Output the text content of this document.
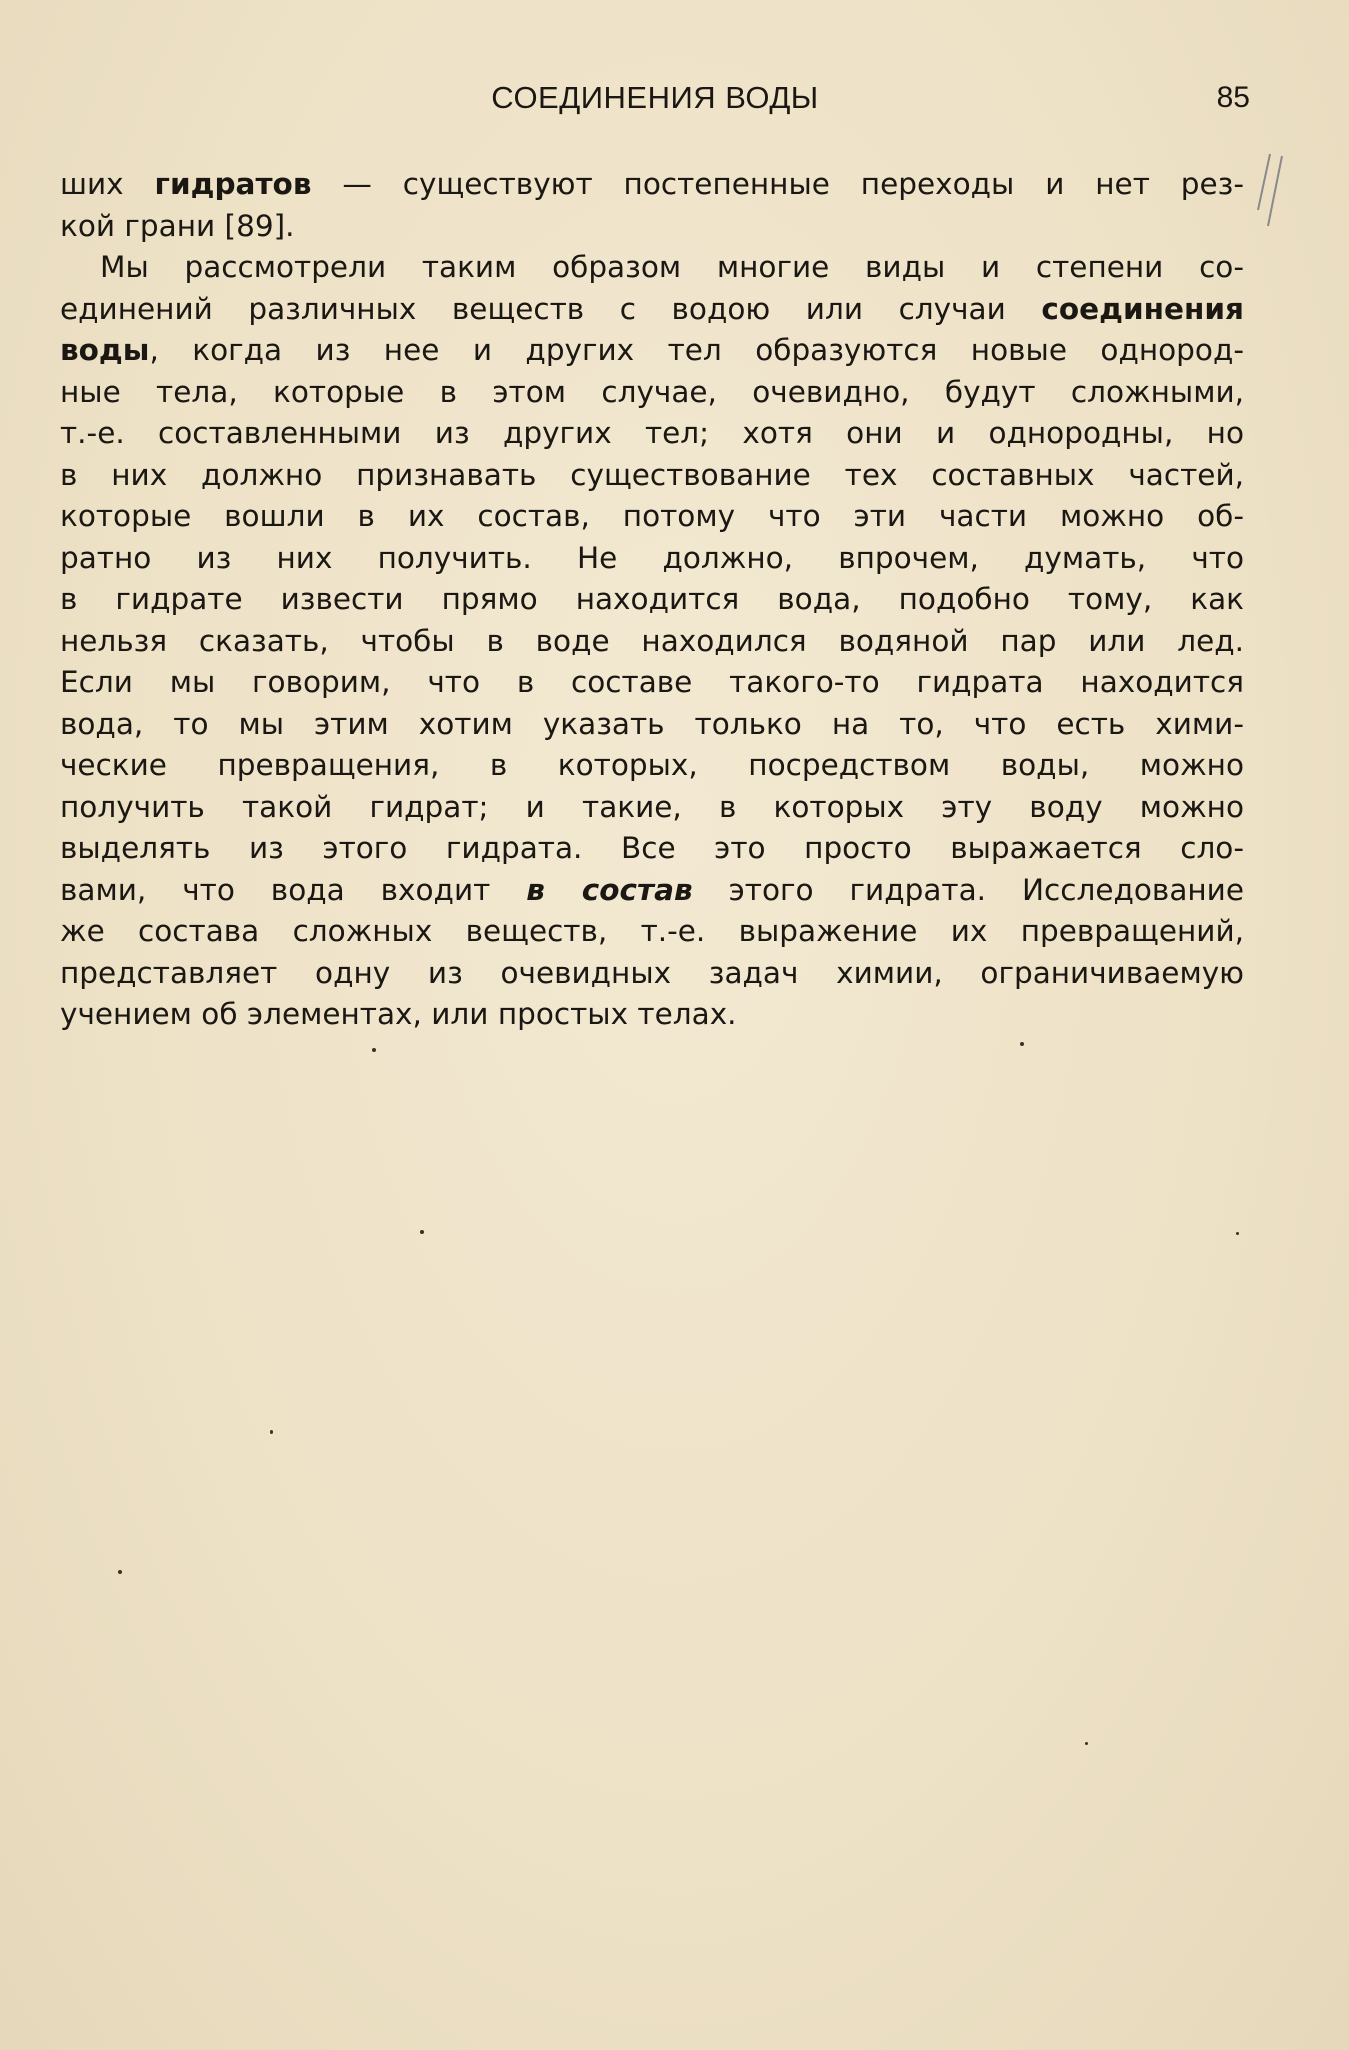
СОЕДИНЕНИЯ ВОДЫ	85
ших гидратов — существуют постепенные переходы и нет рез-
кой грани [89].
Мы рассмотрели таким образом многие виды и степени со-
единений различных веществ с водою или случаи соединения
воды, когда из нее и других тел образуются новые однород-
ные тела, которые в этом случае, очевидно, будут сложными,
т.-е. составленными из других тел; хотя они и однородны, но
в них должно признавать существование тех составных частей,
которые вошли в их состав, потому что эти части можно об-
ратно из них получить. Не должно, впрочем, думать, что
в гидрате извести прямо находится вода, подобно тому, как
нельзя сказать, чтобы в воде находился водяной пар или лед.
Если мы говорим, что в составе такого-то гидрата находится
вода, то мы этим хотим указать только на то, что есть хими-
ческие превращения, в которых, посредством воды, можно
получить такой гидрат; и такие, в которых эту воду можно
выделять из этого гидрата. Все это просто выражается сло-
вами, что вода входит в состав этого гидрата. Исследование
же состава сложных веществ, т.-е. выражение их превращений,
представляет одну из очевидных задач химии, ограничиваемую
учением об элементах, или простых телах.
